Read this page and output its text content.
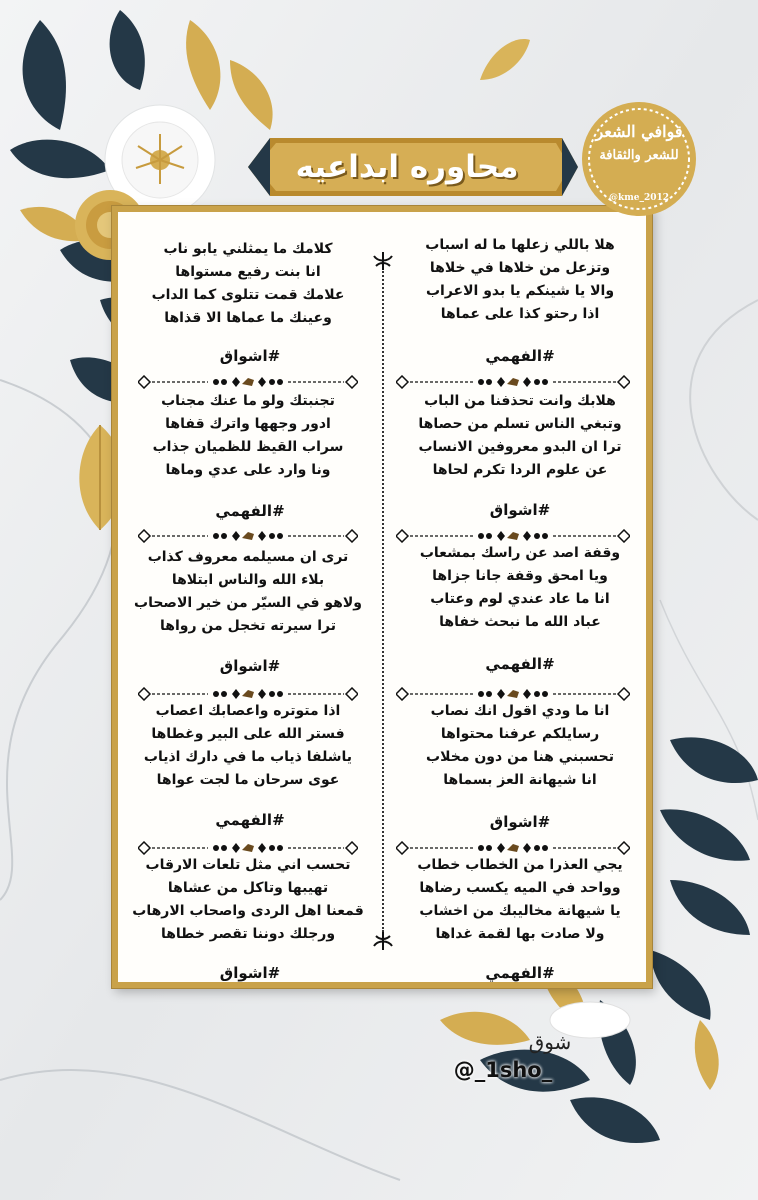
محاوره ابداعيه
قوافي الشعر
للشعر والثقافة
@kme_2012
هلا باللي زعلها ما له اسباب
وتزعل من خلاها في خلاها
والا يا شينكم يا بدو الاعراب
اذا رحتو كذا على عماها
#الفهمي
هلابك وانت تحذفنا من الباب
وتبغي الناس تسلم من حصاها
ترا ان البدو معروفين الانساب
عن علوم الردا تكرم لحاها
#اشواق
وقفة اصد عن راسك بمشعاب
ويا امحق وقفة جانا جزاها
انا ما عاد عندي لوم وعتاب
عباد الله ما نبحث خفاها
#الفهمي
انا ما ودي اقول انك نصاب
رسايلكم عرفنا محتواها
تحسبني هنا من دون مخلاب
انا شيهانة العز بسماها
#اشواق
يجي العذرا من الخطاب خطاب
وواحد في الميه يكسب رضاها
يا شيهانة مخاليبك من اخشاب
ولا صادت بها لقمة غداها
#الفهمي
كلامك ما يمثلني يابو ناب
انا بنت رفيع مستواها
علامك قمت تتلوى كما الداب
وعينك ما عماها الا قذاها
#اشواق
تجنبتك ولو ما عنك مجناب
ادور وجهها واترك قفاها
سراب القيظ للظميان جذاب
ونا وارد على عدي وماها
#الفهمي
ترى ان مسيلمه معروف كذاب
بلاء الله والناس ابتلاها
ولاهو في السيّر من خير الاصحاب
ترا سيرته تخجل من رواها
#اشواق
اذا متوتره واعصابك اعصاب
فستر الله على البير وغطاها
ياشلفا ذياب ما في دارك اذياب
عوى سرحان ما لجت عواها
#الفهمي
تحسب اني مثل تلعات الارقاب
تهيبها وتاكل من عشاها
قمعنا اهل الردى واصحاب الارهاب
ورجلك دوننا تقصر خطاها
#اشواق
شوق
@_1sho_
